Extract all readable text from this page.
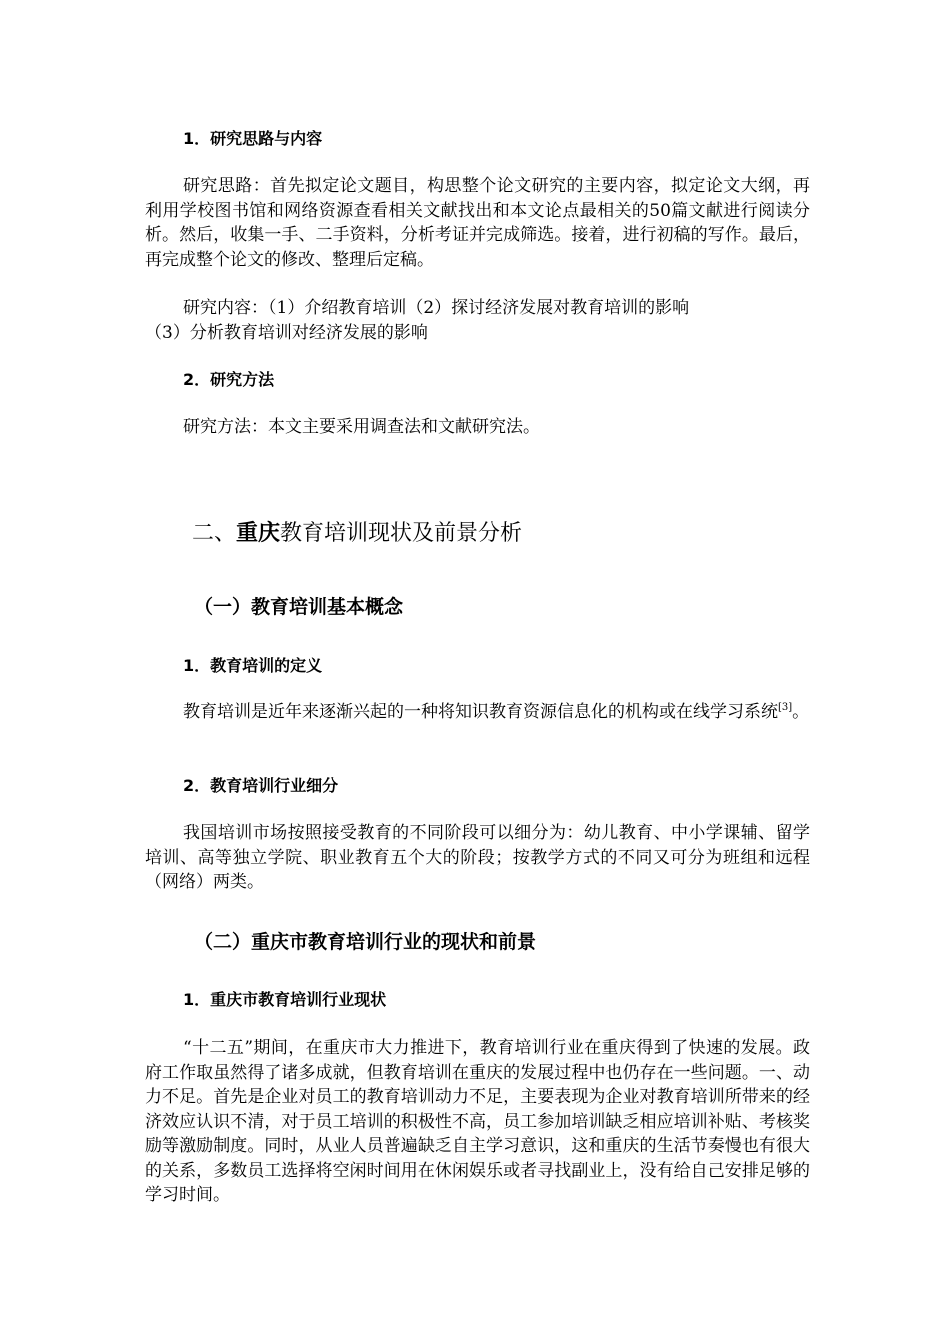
1．研究思路与内容
研究思路：首先拟定论文题目，构思整个论文研究的主要内容，拟定论文大纲，再利用学校图书馆和网络资源查看相关文献找出和本文论点最相关的50篇文献进行阅读分析。然后，收集一手、二手资料，分析考证并完成筛选。接着，进行初稿的写作。最后，再完成整个论文的修改、整理后定稿。
研究内容：（1）介绍教育培训（2）探讨经济发展对教育培训的影响
（3）分析教育培训对经济发展的影响
2．研究方法
研究方法：本文主要采用调查法和文献研究法。
二、重庆教育培训现状及前景分析
（一）教育培训基本概念
1．教育培训的定义
教育培训是近年来逐渐兴起的一种将知识教育资源信息化的机构或在线学习系统[3]。
2．教育培训行业细分
我国培训市场按照接受教育的不同阶段可以细分为：幼儿教育、中小学课辅、留学培训、高等独立学院、职业教育五个大的阶段；按教学方式的不同又可分为班组和远程（网络）两类。
（二）重庆市教育培训行业的现状和前景
1．重庆市教育培训行业现状
“十二五”期间，在重庆市大力推进下，教育培训行业在重庆得到了快速的发展。政府工作取虽然得了诸多成就，但教育培训在重庆的发展过程中也仍存在一些问题。一、动力不足。首先是企业对员工的教育培训动力不足，主要表现为企业对教育培训所带来的经济效应认识不清，对于员工培训的积极性不高，员工参加培训缺乏相应培训补贴、考核奖励等激励制度。同时，从业人员普遍缺乏自主学习意识，这和重庆的生活节奏慢也有很大的关系，多数员工选择将空闲时间用在休闲娱乐或者寻找副业上，没有给自己安排足够的学习时间。
